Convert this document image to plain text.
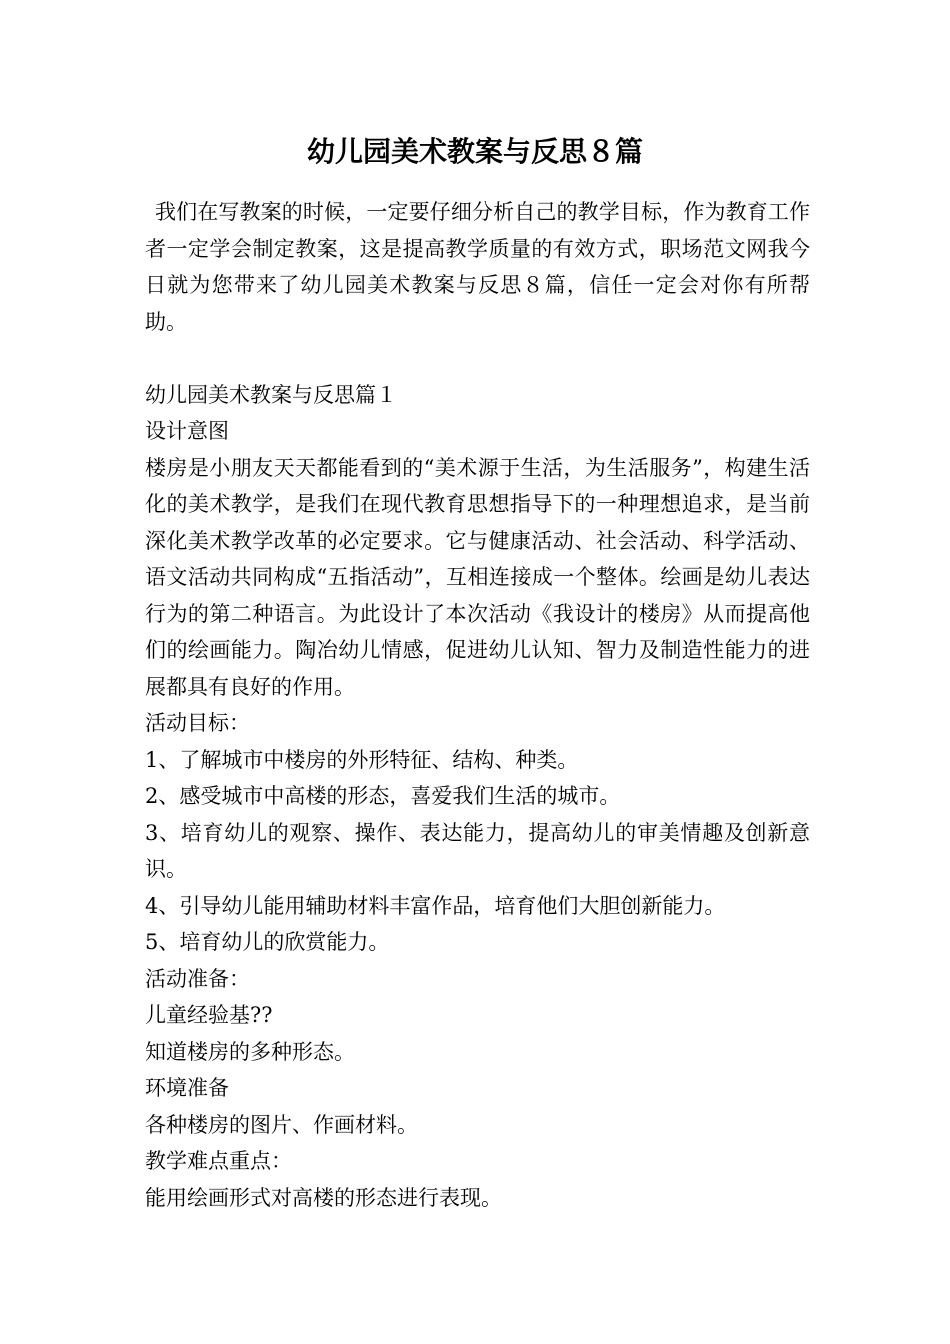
幼儿园美术教案与反思８篇

我们在写教案的时候，一定要仔细分析自己的教学目标，作为教育工作者一定学会制定教案，这是提高教学质量的有效方式，职场范文网我今日就为您带来了幼儿园美术教案与反思８篇，信任一定会对你有所帮助。

幼儿园美术教案与反思篇１

设计意图

楼房是小朋友天天都能看到的“美术源于生活，为生活服务”，构建生活化的美术教学，是我们在现代教育思想指导下的一种理想追求，是当前深化美术教学改革的必定要求。它与健康活动、社会活动、科学活动、语文活动共同构成“五指活动”，互相连接成一个整体。绘画是幼儿表达行为的第二种语言。为此设计了本次活动《我设计的楼房》从而提高他们的绘画能力。陶冶幼儿情感，促进幼儿认知、智力及制造性能力的进展都具有良好的作用。

活动目标：

1、了解城市中楼房的外形特征、结构、种类。

2、感受城市中高楼的形态，喜爱我们生活的城市。

3、培育幼儿的观察、操作、表达能力，提高幼儿的审美情趣及创新意识。

4、引导幼儿能用辅助材料丰富作品，培育他们大胆创新能力。

5、培育幼儿的欣赏能力。

活动准备：

儿童经验基??

知道楼房的多种形态。

环境准备

各种楼房的图片、作画材料。

教学难点重点：

能用绘画形式对高楼的形态进行表现。
